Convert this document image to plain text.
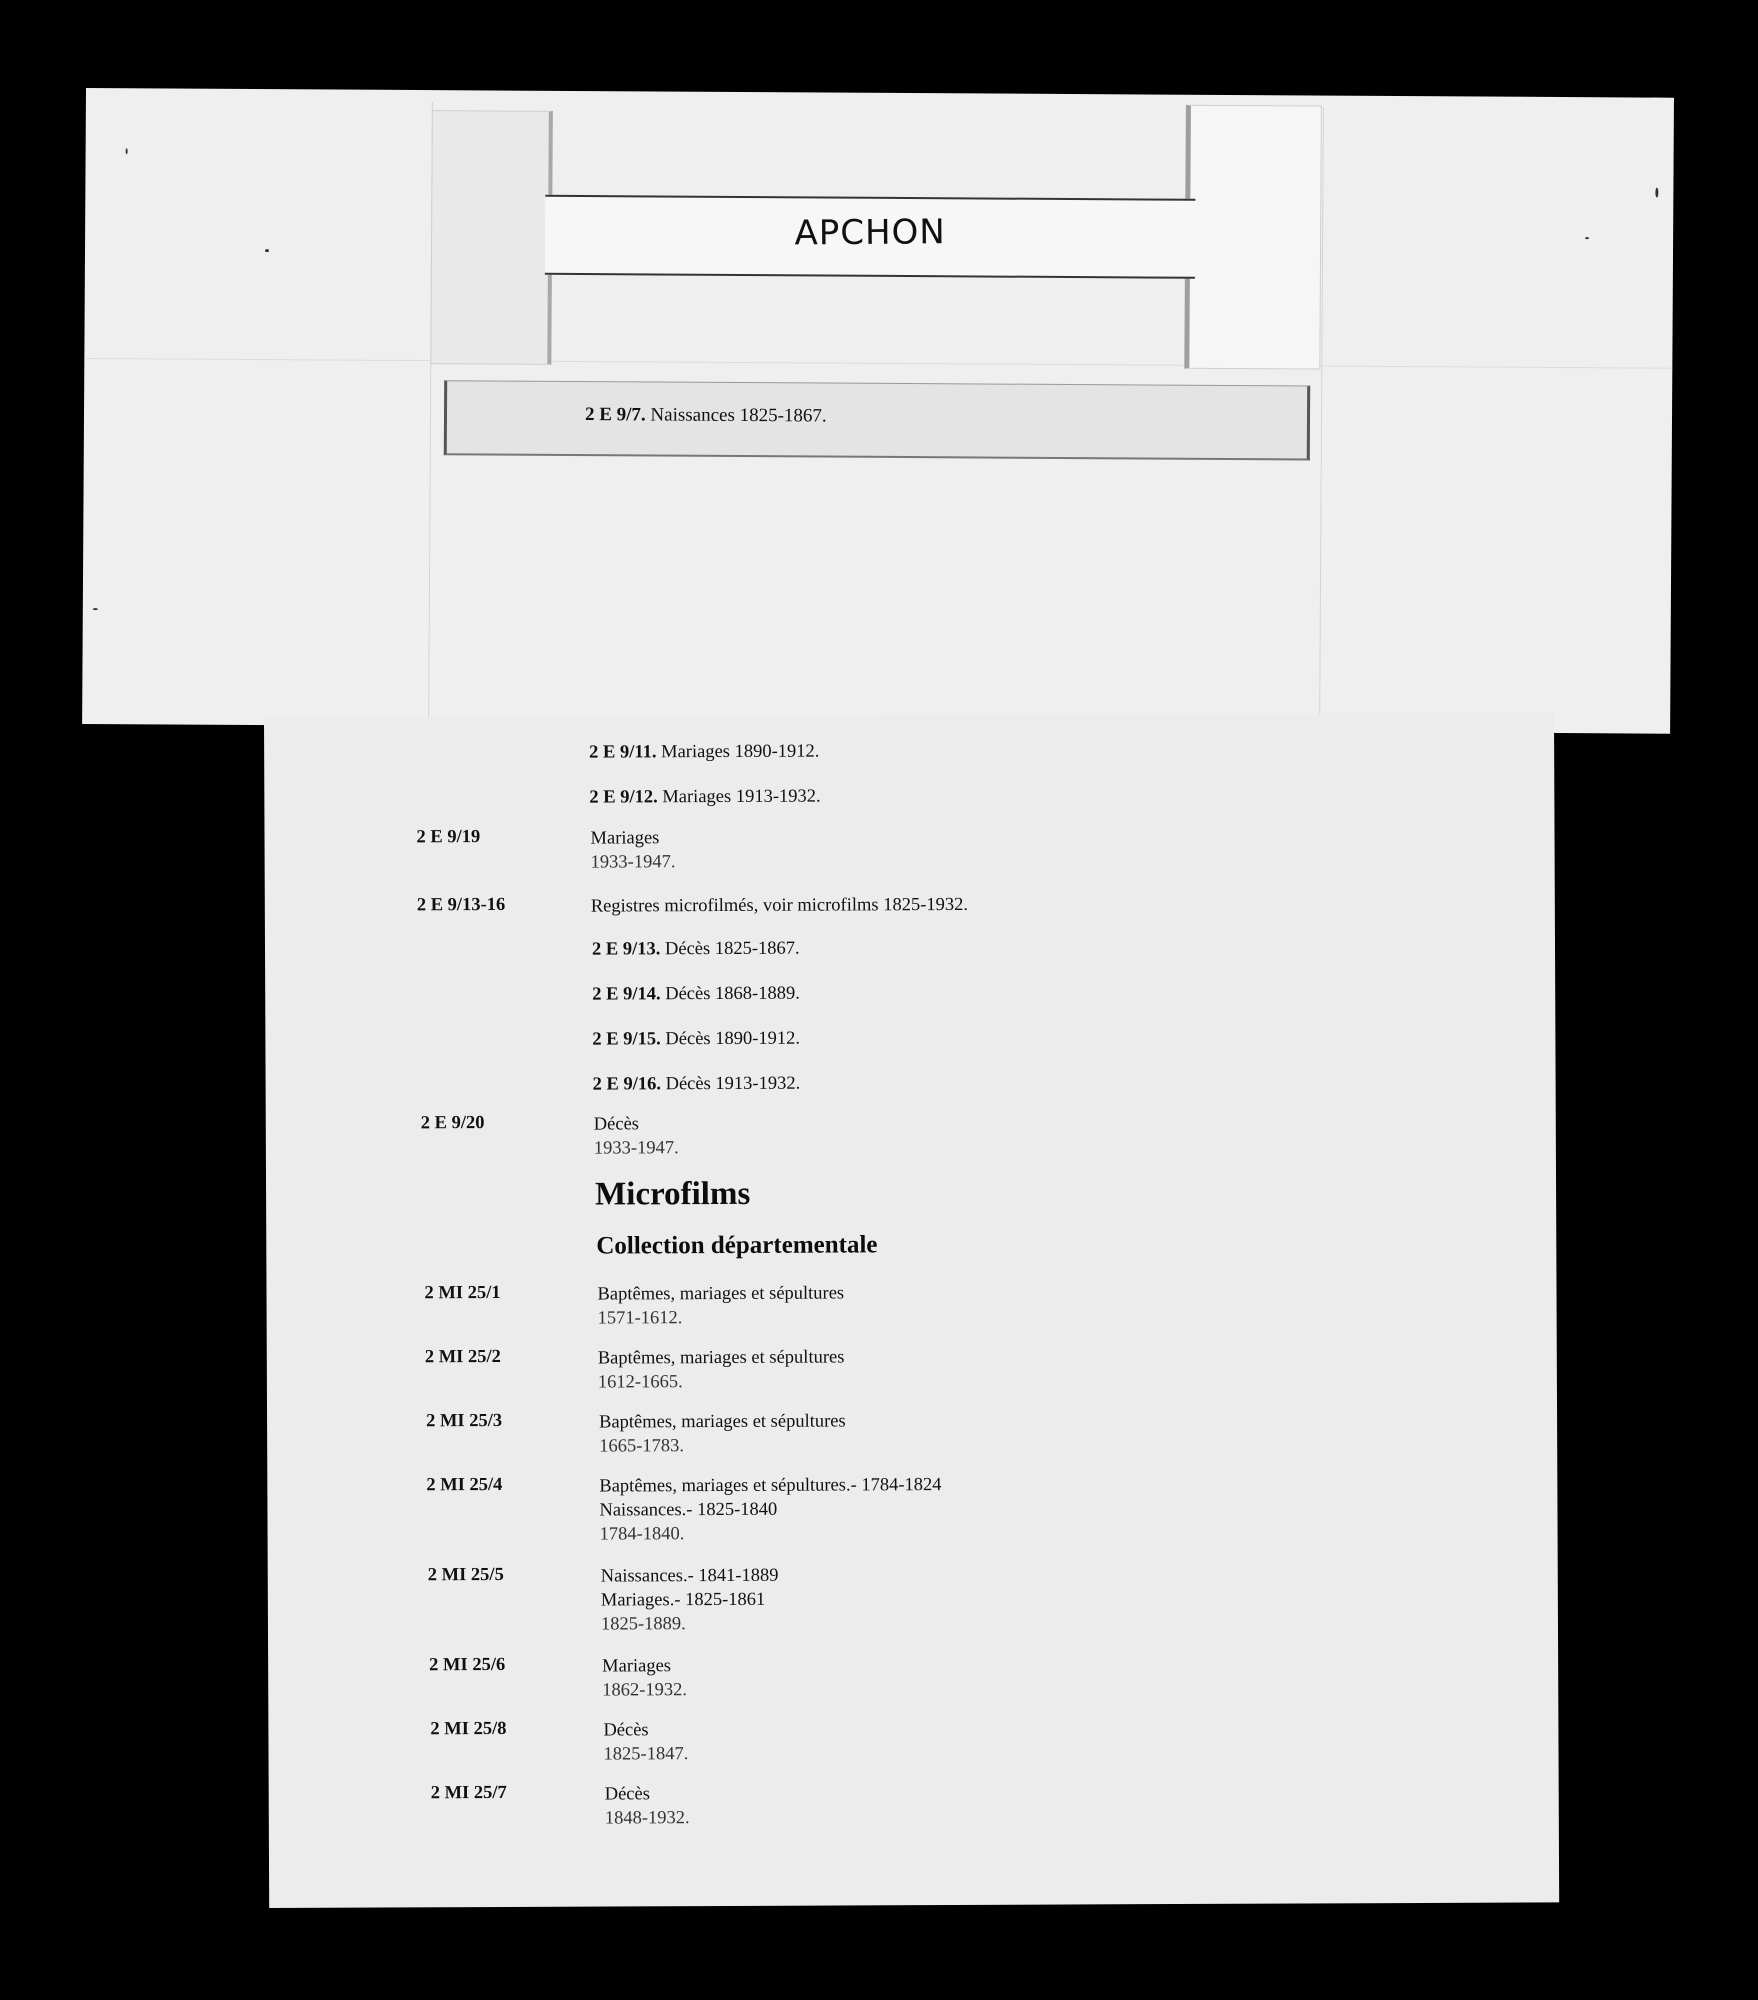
APCHON
2 E 9/7. Naissances 1825-1867.
2 E 9/11. Mariages 1890-1912.
2 E 9/12. Mariages 1913-1932.
2 E 9/19	Mariages
1933-1947.
2 E 9/13-16	Registres microfilmés, voir microfilms 1825-1932.
2 E 9/13. Décès 1825-1867.
2 E 9/14. Décès 1868-1889.
2 E 9/15. Décès 1890-1912.
2 E 9/16. Décès 1913-1932.
2 E 9/20	Décès
1933-1947.
Microfilms
Collection départementale
2 MI 25/1	Baptêmes, mariages et sépultures
1571-1612.
2 MI 25/2	Baptêmes, mariages et sépultures
1612-1665.
2 MI 25/3	Baptêmes, mariages et sépultures
1665-1783.
2 MI 25/4	Baptêmes, mariages et sépultures.- 1784-1824
Naissances.- 1825-1840
1784-1840.
2 MI 25/5	Naissances.- 1841-1889
Mariages.- 1825-1861
1825-1889.
2 MI 25/6	Mariages
1862-1932.
2 MI 25/8	Décès
1825-1847.
2 MI 25/7	Décès
1848-1932.
